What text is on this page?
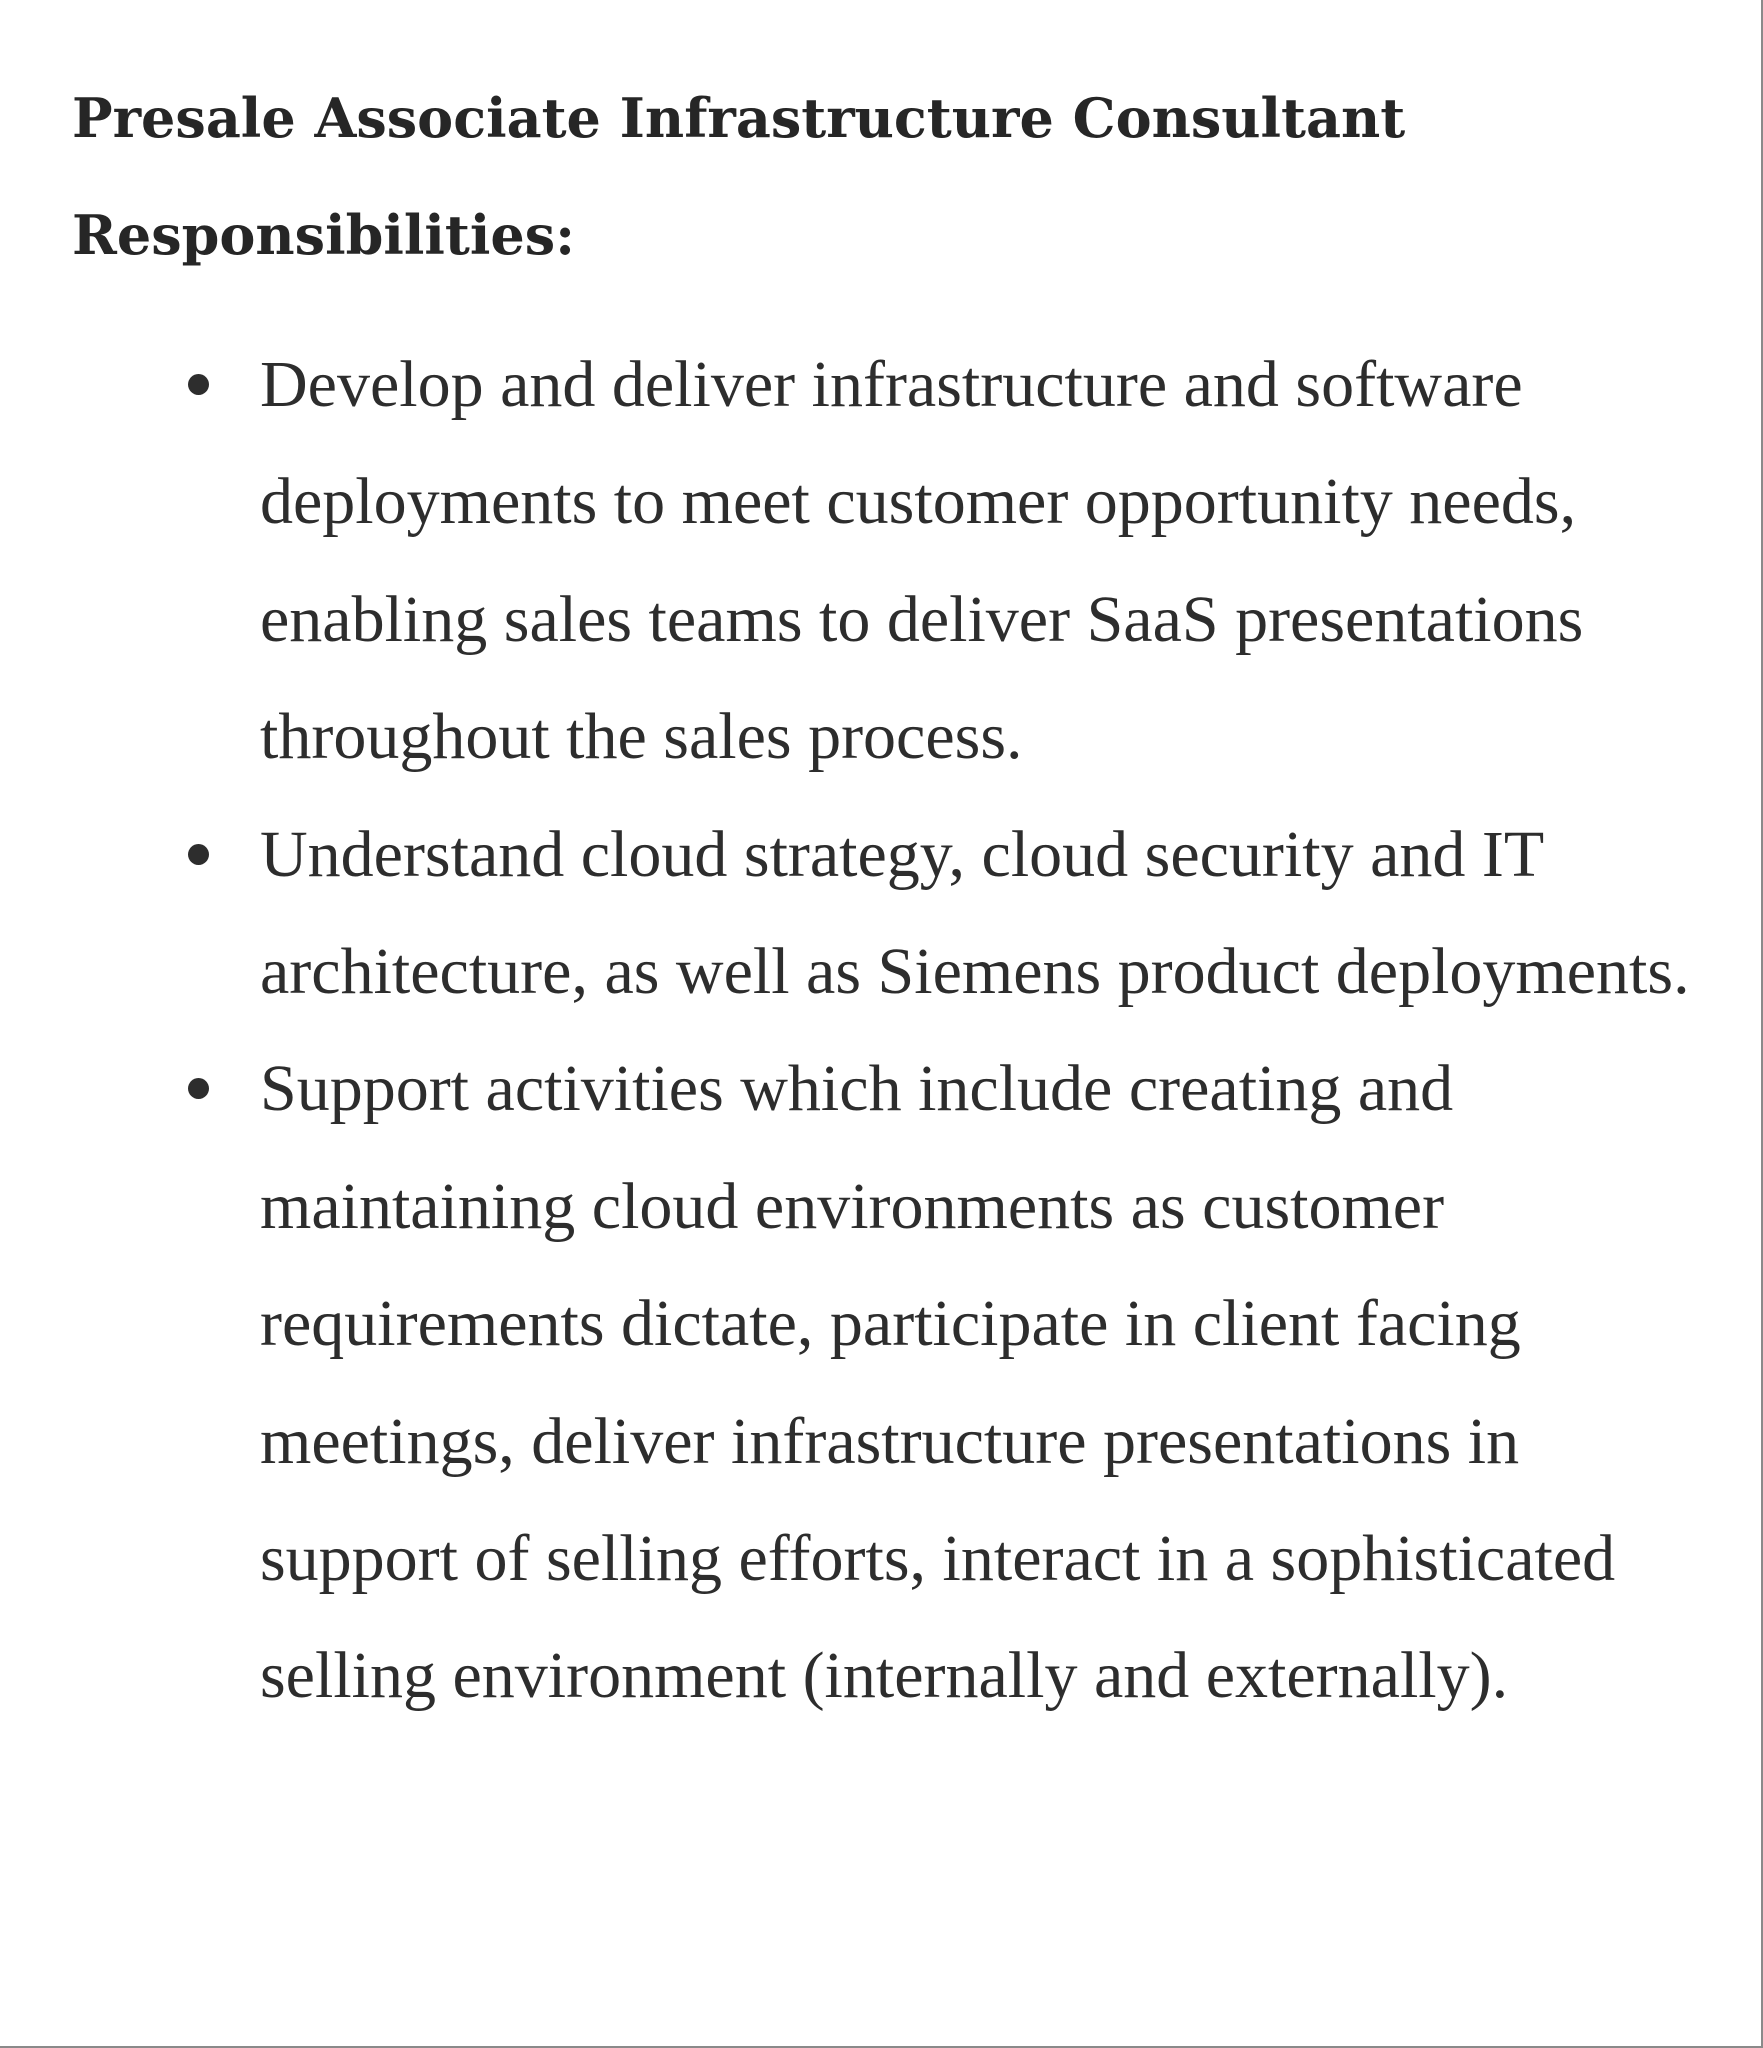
Presale Associate Infrastructure Consultant
Responsibilities:
Develop and deliver infrastructure and software deployments to meet customer opportunity needs, enabling sales teams to deliver SaaS presentations throughout the sales process.
Understand cloud strategy, cloud security and IT architecture, as well as Siemens product deployments.
Support activities which include creating and maintaining cloud environments as customer requirements dictate, participate in client facing meetings, deliver infrastructure presentations in support of selling efforts, interact in a sophisticated selling environment (internally and externally).
